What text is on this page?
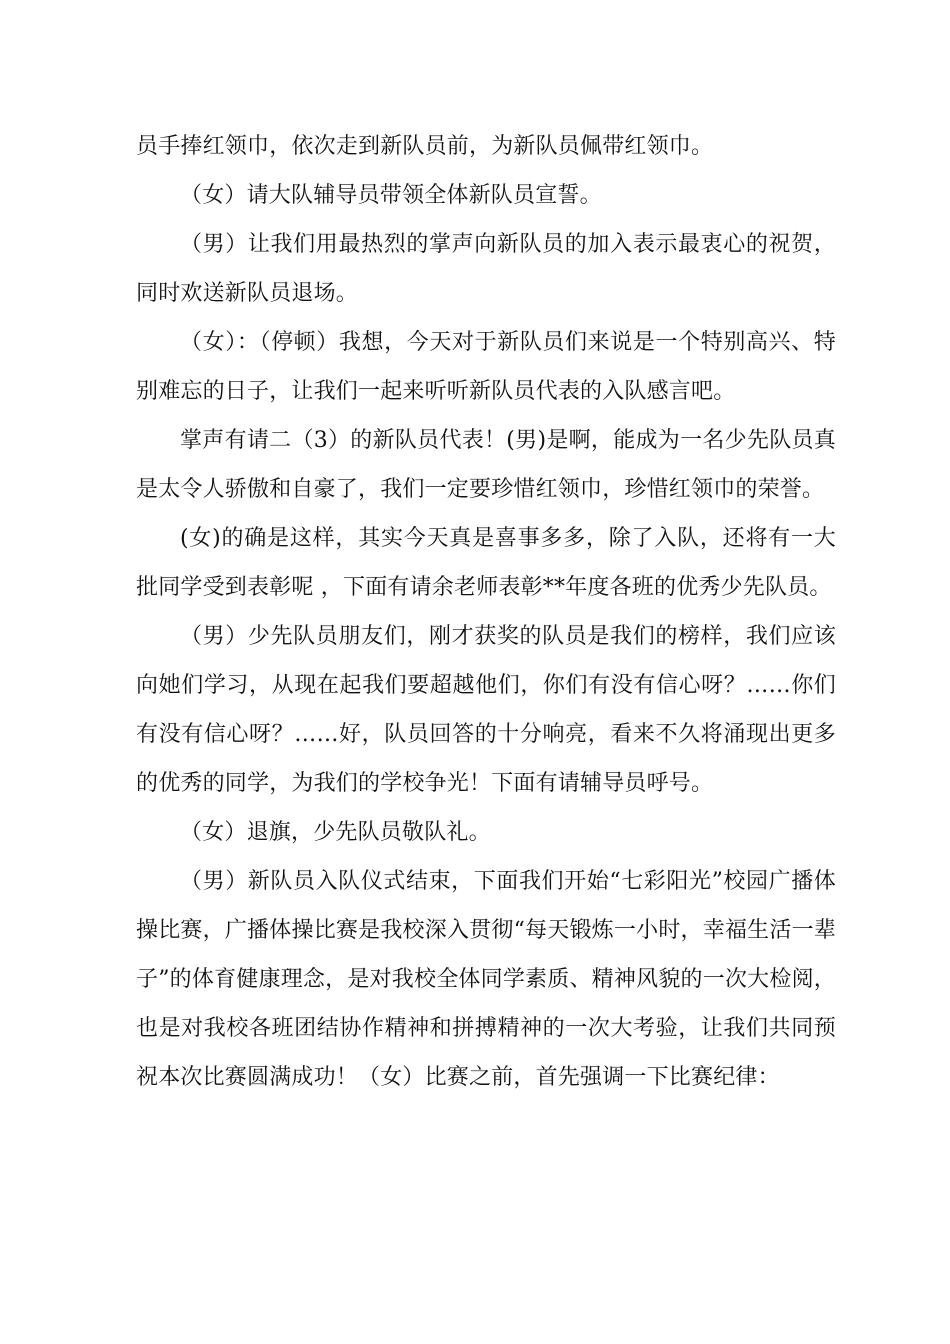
员手捧红领巾，依次走到新队员前，为新队员佩带红领巾。

（女）请大队辅导员带领全体新队员宣誓。

（男）让我们用最热烈的掌声向新队员的加入表示最衷心的祝贺，同时欢送新队员退场。

（女）：（停顿）我想，今天对于新队员们来说是一个特别高兴、特别难忘的日子，让我们一起来听听新队员代表的入队感言吧。

掌声有请二（3）的新队员代表！(男)是啊，能成为一名少先队员真是太令人骄傲和自豪了，我们一定要珍惜红领巾，珍惜红领巾的荣誉。

(女)的确是这样，其实今天真是喜事多多，除了入队，还将有一大批同学受到表彰呢 ，下面有请余老师表彰**年度各班的优秀少先队员。

（男）少先队员朋友们，刚才获奖的队员是我们的榜样，我们应该向她们学习，从现在起我们要超越他们，你们有没有信心呀？……你们有没有信心呀？……好，队员回答的十分响亮，看来不久将涌现出更多的优秀的同学，为我们的学校争光！下面有请辅导员呼号。

（女）退旗，少先队员敬队礼。

（男）新队员入队仪式结束，下面我们开始“七彩阳光”校园广播体操比赛，广播体操比赛是我校深入贯彻“每天锻炼一小时，幸福生活一辈子”的体育健康理念，是对我校全体同学素质、精神风貌的一次大检阅，也是对我校各班团结协作精神和拼搏精神的一次大考验，让我们共同预祝本次比赛圆满成功！（女）比赛之前，首先强调一下比赛纪律：
